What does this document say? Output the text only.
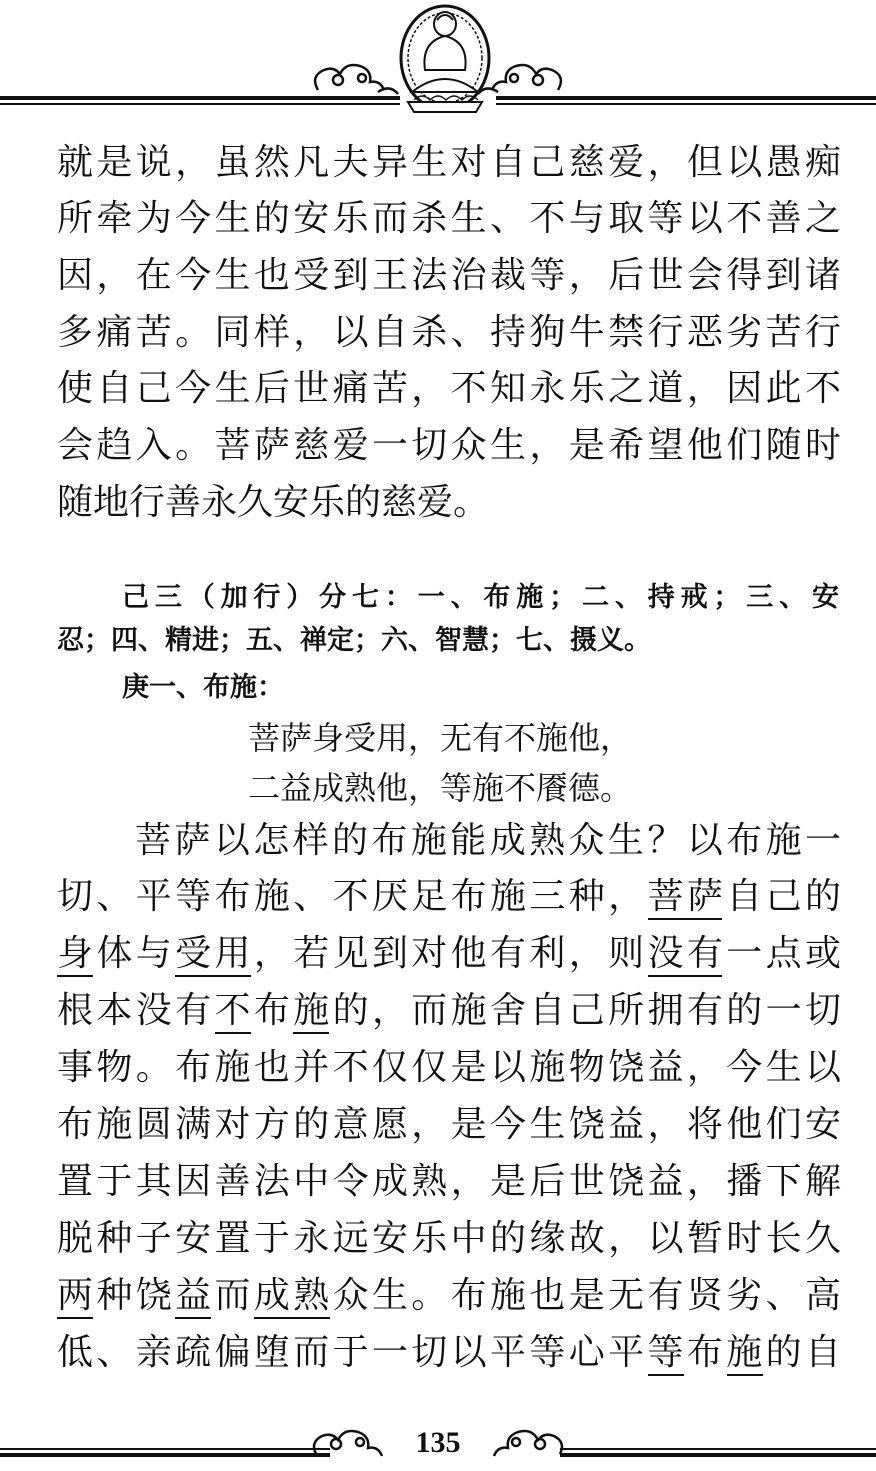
就是说，虽然凡夫异生对自己慈爱，但以愚痴
所牵为今生的安乐而杀生、不与取等以不善之
因，在今生也受到王法治裁等，后世会得到诸
多痛苦。同样，以自杀、持狗牛禁行恶劣苦行
使自己今生后世痛苦，不知永乐之道，因此不
会趋入。菩萨慈爱一切众生，是希望他们随时
随地行善永久安乐的慈爱。
己三（加行）分七：一、布施；二、持戒；三、安
忍；四、精进；五、禅定；六、智慧；七、摄义。
庚一、布施：
菩萨身受用，无有不施他，
二益成熟他，等施不餍德。
菩萨以怎样的布施能成熟众生？以布施一
切、平等布施、不厌足布施三种，菩萨自己的
身体与受用，若见到对他有利，则没有一点或
根本没有不布施的，而施舍自己所拥有的一切
事物。布施也并不仅仅是以施物饶益，今生以
布施圆满对方的意愿，是今生饶益，将他们安
置于其因善法中令成熟，是后世饶益，播下解
脱种子安置于永远安乐中的缘故，以暂时长久
两种饶益而成熟众生。布施也是无有贤劣、高
低、亲疏偏堕而于一切以平等心平等布施的自
135
